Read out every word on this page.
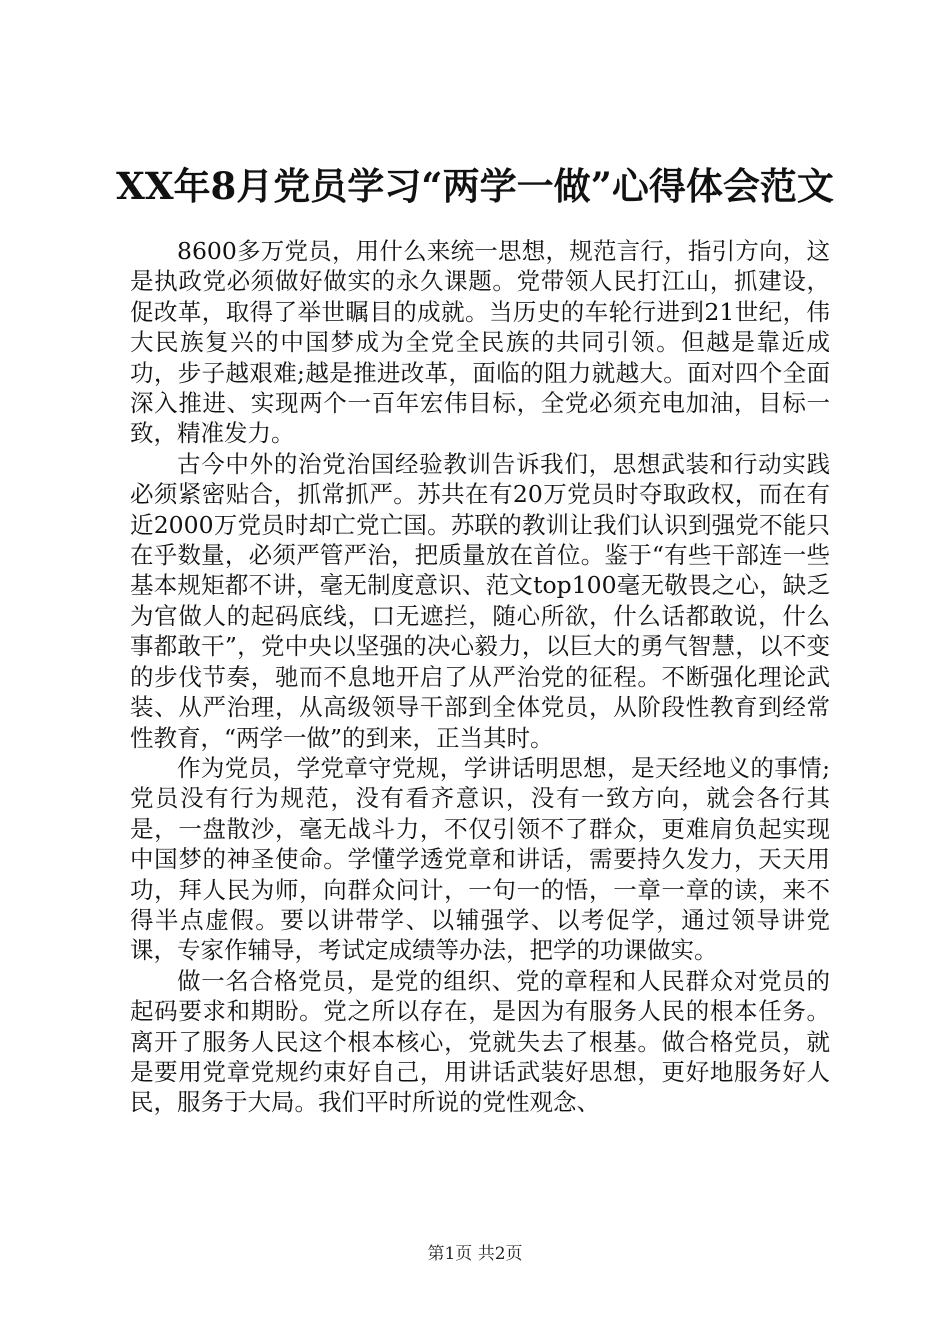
XX年8月党员学习“两学一做”心得体会范文

8600多万党员，用什么来统一思想，规范言行，指引方向，这是执政党必须做好做实的永久课题。党带领人民打江山，抓建设，促改革，取得了举世瞩目的成就。当历史的车轮行进到21世纪，伟大民族复兴的中国梦成为全党全民族的共同引领。但越是靠近成功，步子越艰难;越是推进改革，面临的阻力就越大。面对四个全面深入推进、实现两个一百年宏伟目标，全党必须充电加油，目标一致，精准发力。

古今中外的治党治国经验教训告诉我们，思想武装和行动实践必须紧密贴合，抓常抓严。苏共在有20万党员时夺取政权，而在有近2000万党员时却亡党亡国。苏联的教训让我们认识到强党不能只在乎数量，必须严管严治，把质量放在首位。鉴于“有些干部连一些基本规矩都不讲，毫无制度意识、范文top100毫无敬畏之心，缺乏为官做人的起码底线，口无遮拦，随心所欲，什么话都敢说，什么事都敢干”，党中央以坚强的决心毅力，以巨大的勇气智慧，以不变的步伐节奏，驰而不息地开启了从严治党的征程。不断强化理论武装、从严治理，从高级领导干部到全体党员，从阶段性教育到经常性教育，“两学一做”的到来，正当其时。

作为党员，学党章守党规，学讲话明思想，是天经地义的事情;党员没有行为规范，没有看齐意识，没有一致方向，就会各行其是，一盘散沙，毫无战斗力，不仅引领不了群众，更难肩负起实现中国梦的神圣使命。学懂学透党章和讲话，需要持久发力，天天用功，拜人民为师，向群众问计，一句一的悟，一章一章的读，来不得半点虚假。要以讲带学、以辅强学、以考促学，通过领导讲党课，专家作辅导，考试定成绩等办法，把学的功课做实。

做一名合格党员，是党的组织、党的章程和人民群众对党员的起码要求和期盼。党之所以存在，是因为有服务人民的根本任务。离开了服务人民这个根本核心，党就失去了根基。做合格党员，就是要用党章党规约束好自己，用讲话武装好思想，更好地服务好人民，服务于大局。我们平时所说的党性观念、

第1页 共2页
